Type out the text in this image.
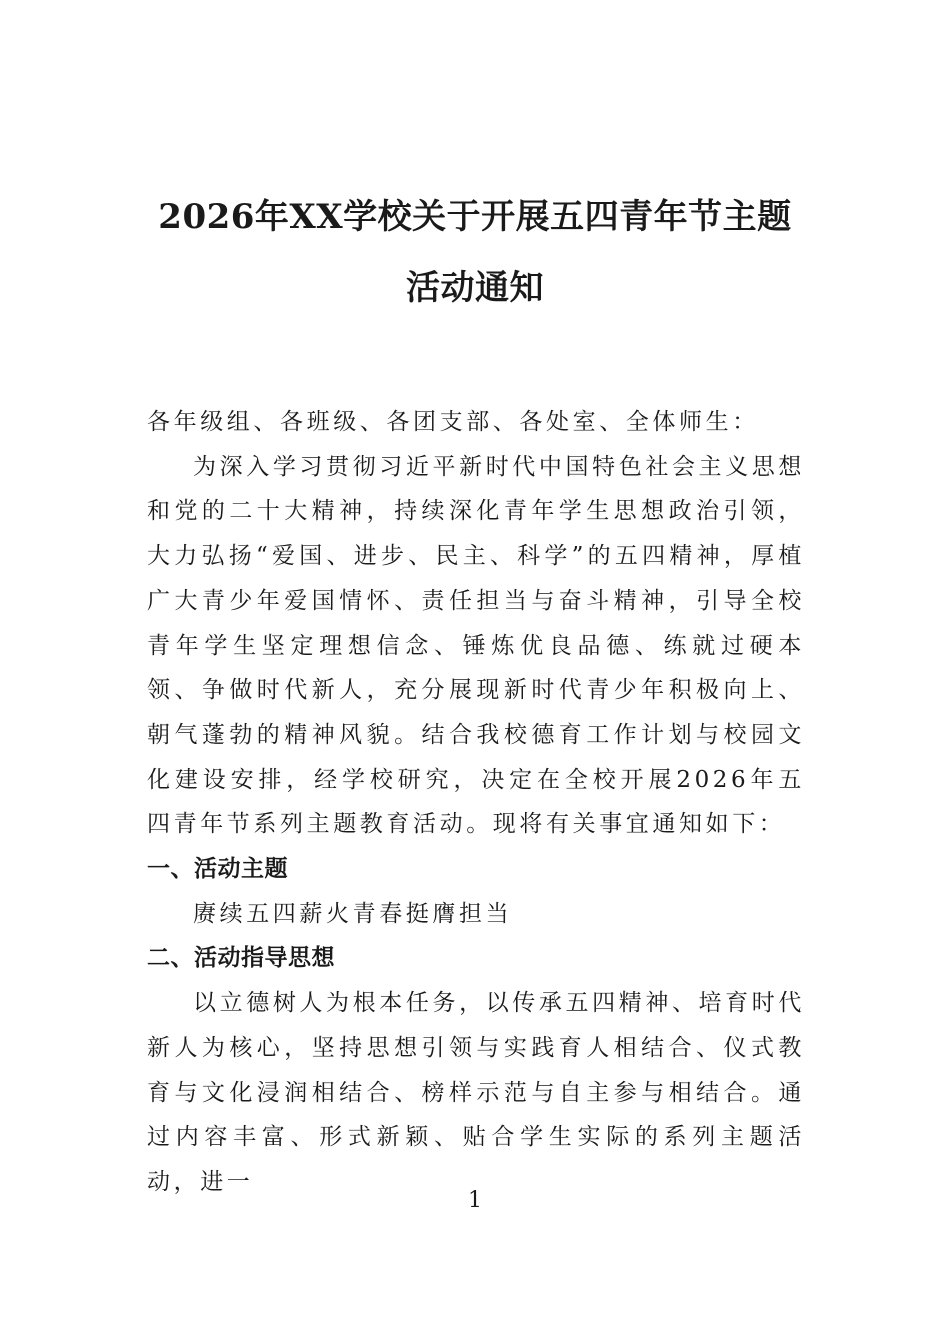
2026年XX学校关于开展五四青年节主题
活动通知

各年级组、各班级、各团支部、各处室、全体师生：

为深入学习贯彻习近平新时代中国特色社会主义思想和党的二十大精神，持续深化青年学生思想政治引领，大力弘扬“爱国、进步、民主、科学”的五四精神，厚植广大青少年爱国情怀、责任担当与奋斗精神，引导全校青年学生坚定理想信念、锤炼优良品德、练就过硬本领、争做时代新人，充分展现新时代青少年积极向上、朝气蓬勃的精神风貌。结合我校德育工作计划与校园文化建设安排，经学校研究，决定在全校开展2026年五四青年节系列主题教育活动。现将有关事宜通知如下：

一、活动主题

赓续五四薪火青春挺膺担当

二、活动指导思想

以立德树人为根本任务，以传承五四精神、培育时代新人为核心，坚持思想引领与实践育人相结合、仪式教育与文化浸润相结合、榜样示范与自主参与相结合。通过内容丰富、形式新颖、贴合学生实际的系列主题活动，进一

1
